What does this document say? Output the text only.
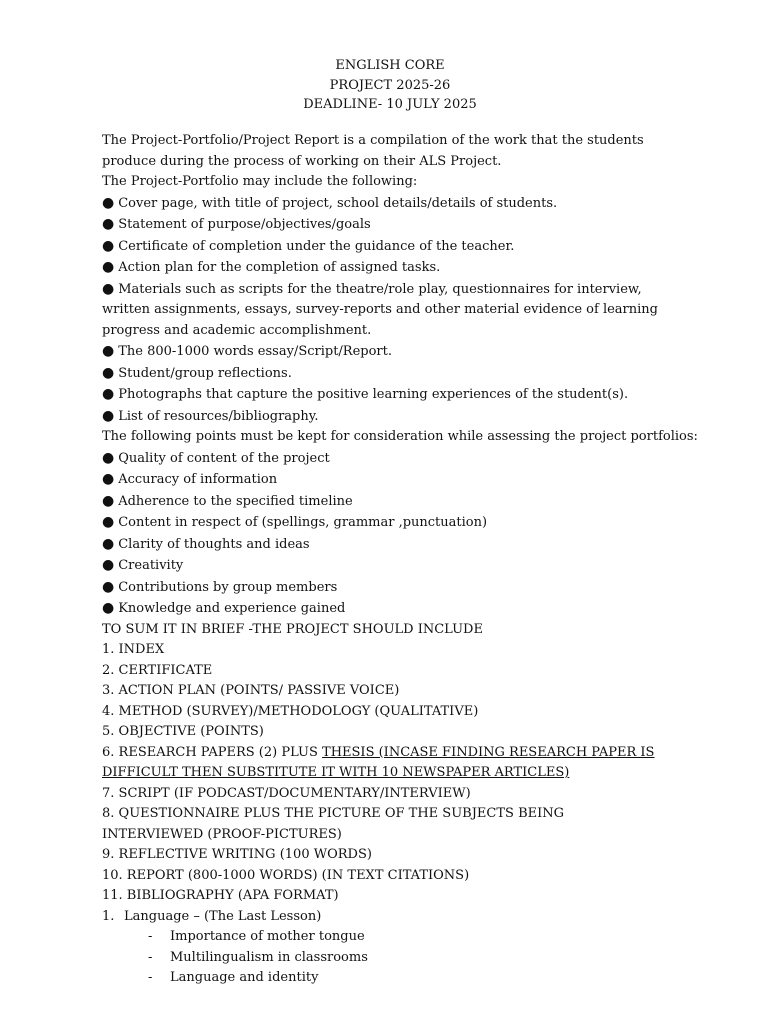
ENGLISH CORE
PROJECT 2025-26
DEADLINE- 10 JULY 2025
The Project-Portfolio/Project Report is a compilation of the work that the students produce during the process of working on their ALS Project.
The Project-Portfolio may include the following:
● Cover page, with title of project, school details/details of students.
● Statement of purpose/objectives/goals
● Certificate of completion under the guidance of the teacher.
● Action plan for the completion of assigned tasks.
● Materials such as scripts for the theatre/role play, questionnaires for interview, written assignments, essays, survey-reports and other material evidence of learning progress and academic accomplishment.
● The 800-1000 words essay/Script/Report.
● Student/group reflections.
● Photographs that capture the positive learning experiences of the student(s).
● List of resources/bibliography.
The following points must be kept for consideration while assessing the project portfolios:
● Quality of content of the project
● Accuracy of information
● Adherence to the specified timeline
● Content in respect of (spellings, grammar ,punctuation)
● Clarity of thoughts and ideas
● Creativity
● Contributions by group members
● Knowledge and experience gained
TO SUM IT IN BRIEF -THE PROJECT SHOULD INCLUDE
1. INDEX
2. CERTIFICATE
3. ACTION PLAN (POINTS/ PASSIVE VOICE)
4. METHOD (SURVEY)/METHODOLOGY (QUALITATIVE)
5. OBJECTIVE (POINTS)
6. RESEARCH PAPERS (2) PLUS THESIS (INCASE FINDING RESEARCH PAPER IS DIFFICULT THEN SUBSTITUTE IT WITH 10 NEWSPAPER ARTICLES)
7. SCRIPT (IF PODCAST/DOCUMENTARY/INTERVIEW)
8. QUESTIONNAIRE PLUS THE PICTURE OF THE SUBJECTS BEING INTERVIEWED (PROOF-PICTURES)
9. REFLECTIVE WRITING (100 WORDS)
10. REPORT (800-1000 WORDS) (IN TEXT CITATIONS)
11. BIBLIOGRAPHY (APA FORMAT)
1. Language – (The Last Lesson)
- Importance of mother tongue
- Multilingualism in classrooms
- Language and identity
